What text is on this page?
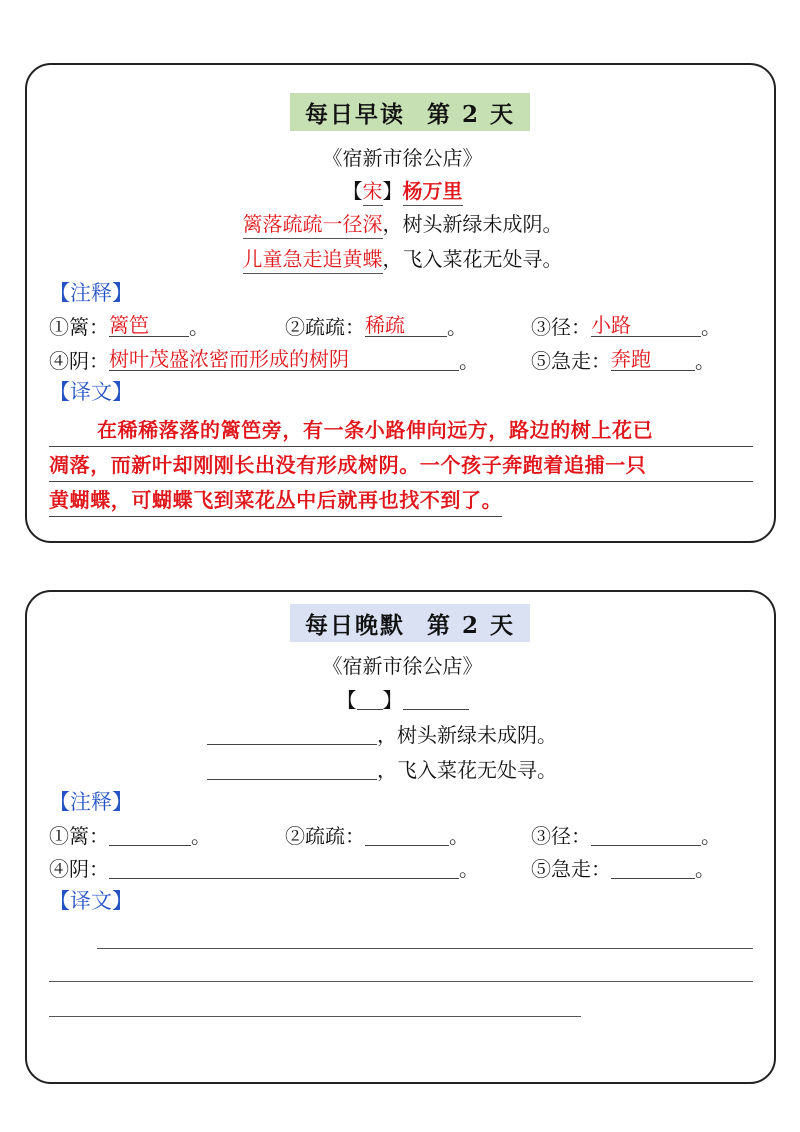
每日早读 第 2 天
《宿新市徐公店》
【宋】杨万里
篱落疏疏一径深，树头新绿未成阴。
儿童急走追黄蝶，飞入菜花无处寻。
【注释】
①篱：篱笆 。	②疏疏：稀疏 。	③径：小路	。
④阴：树叶茂盛浓密而形成的树阴	。	⑤急走：奔跑 。
【译文】
在稀稀落落的篱笆旁，有一条小路伸向远方，路边的树上花已
凋落，而新叶却刚刚长出没有形成树阴。一个孩子奔跑着追捕一只
黄蝴蝶，可蝴蝶飞到菜花丛中后就再也找不到了。
每日晚默 第 2 天
《宿新市徐公店》
【 】
，树头新绿未成阴。
，飞入菜花无处寻。
【注释】
①篱：	。	②疏疏：	。	③径：	。
④阴：	。	⑤急走：	。
【译文】
